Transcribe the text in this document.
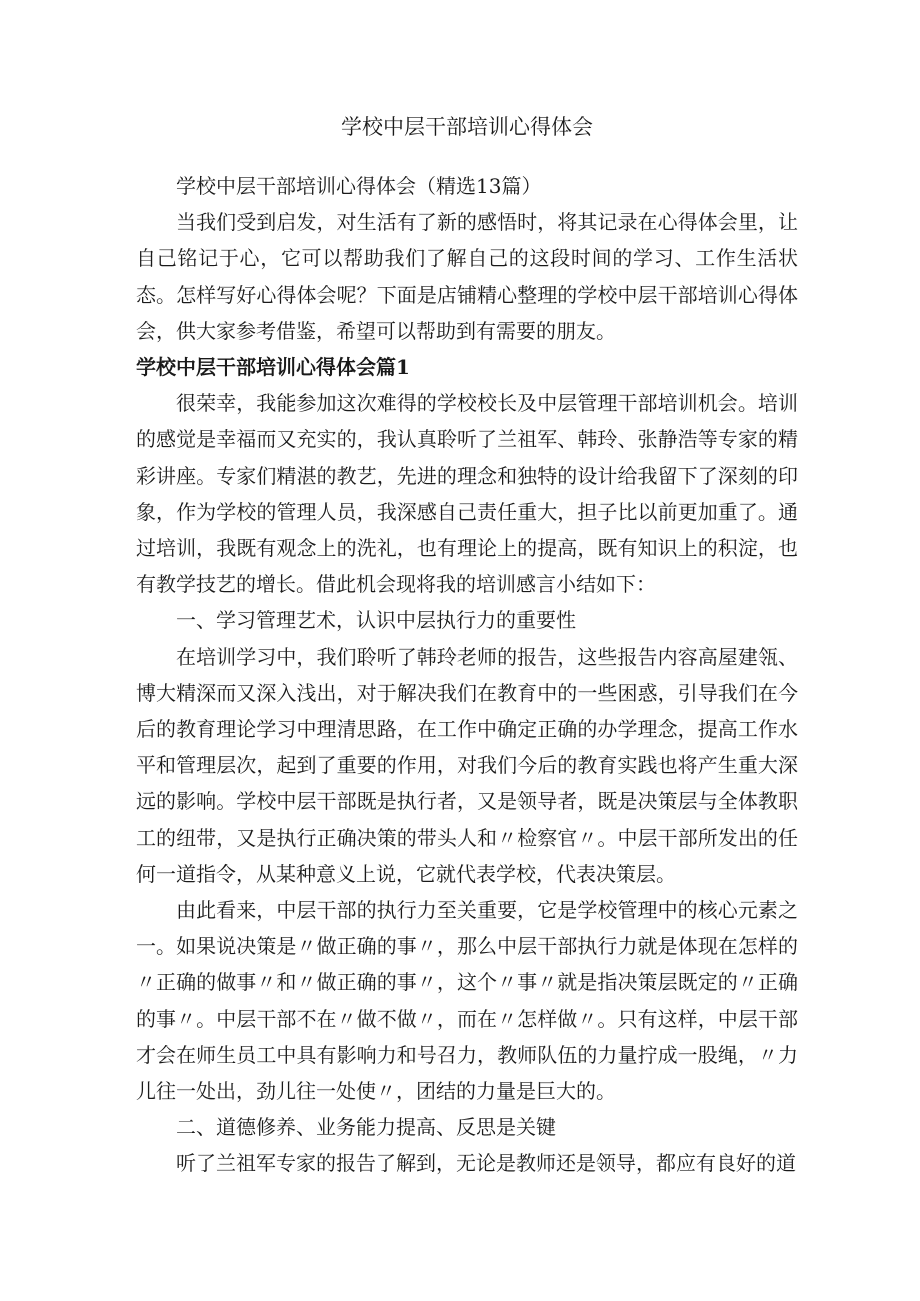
学校中层干部培训心得体会

学校中层干部培训心得体会（精选13篇）

当我们受到启发，对生活有了新的感悟时，将其记录在心得体会里，让自己铭记于心，它可以帮助我们了解自己的这段时间的学习、工作生活状态。怎样写好心得体会呢？下面是店铺精心整理的学校中层干部培训心得体会，供大家参考借鉴，希望可以帮助到有需要的朋友。

学校中层干部培训心得体会篇1

很荣幸，我能参加这次难得的学校校长及中层管理干部培训机会。培训的感觉是幸福而又充实的，我认真聆听了兰祖军、韩玲、张静浩等专家的精彩讲座。专家们精湛的教艺，先进的理念和独特的设计给我留下了深刻的印象，作为学校的管理人员，我深感自己责任重大，担子比以前更加重了。通过培训，我既有观念上的洗礼，也有理论上的提高，既有知识上的积淀，也有教学技艺的增长。借此机会现将我的培训感言小结如下：

一、学习管理艺术，认识中层执行力的重要性

在培训学习中，我们聆听了韩玲老师的报告，这些报告内容高屋建瓴、博大精深而又深入浅出，对于解决我们在教育中的一些困惑，引导我们在今后的教育理论学习中理清思路，在工作中确定正确的办学理念，提高工作水平和管理层次，起到了重要的作用，对我们今后的教育实践也将产生重大深远的影响。学校中层干部既是执行者，又是领导者，既是决策层与全体教职工的纽带，又是执行正确决策的带头人和〃检察官〃。中层干部所发出的任何一道指令，从某种意义上说，它就代表学校，代表决策层。

由此看来，中层干部的执行力至关重要，它是学校管理中的核心元素之一。如果说决策是〃做正确的事〃，那么中层干部执行力就是体现在怎样的〃正确的做事〃和〃做正确的事〃，这个〃事〃就是指决策层既定的〃正确的事〃。中层干部不在〃做不做〃，而在〃怎样做〃。只有这样，中层干部才会在师生员工中具有影响力和号召力，教师队伍的力量拧成一股绳，〃力儿往一处出，劲儿往一处使〃，团结的力量是巨大的。

二、道德修养、业务能力提高、反思是关键

听了兰祖军专家的报告了解到，无论是教师还是领导，都应有良好的道
